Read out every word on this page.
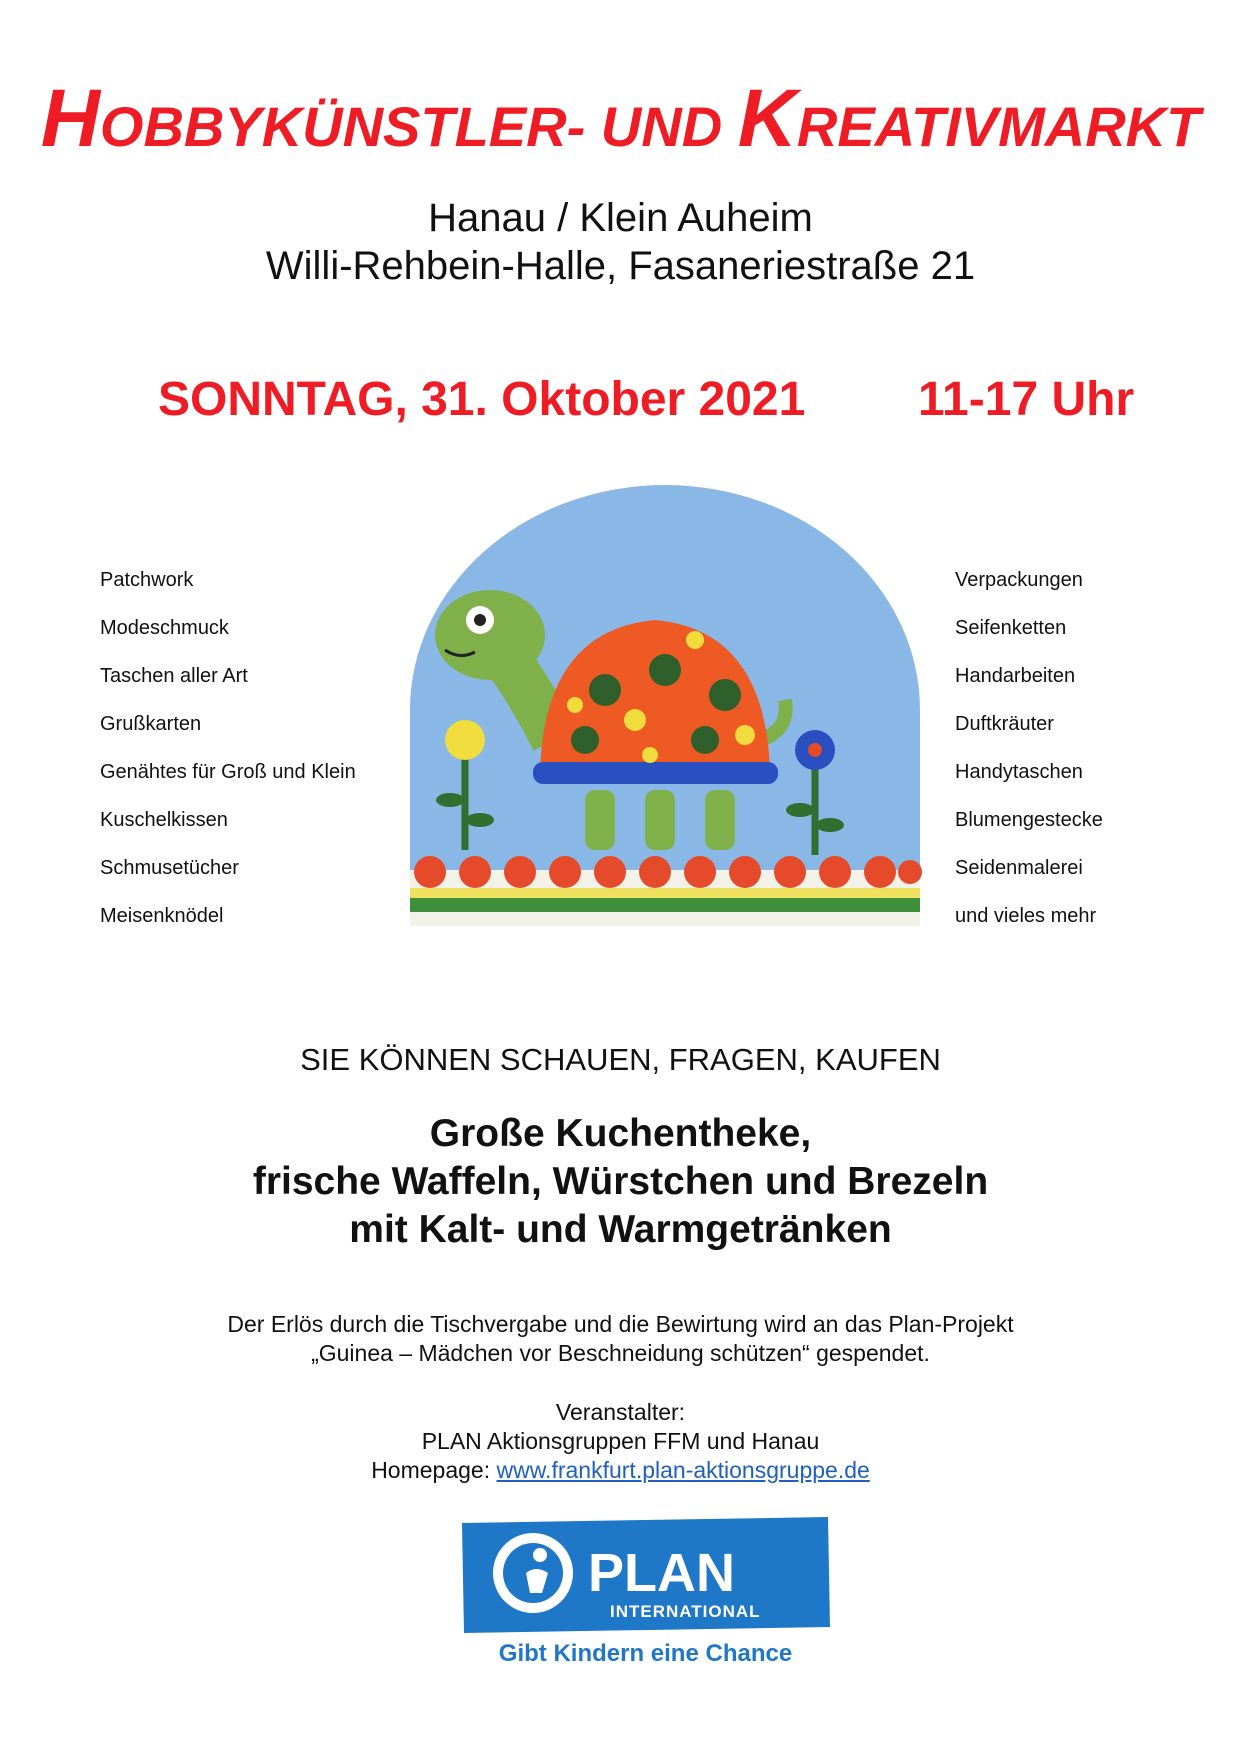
HOBBYKÜNSTLER- UND KREATIVMARKT
Hanau / Klein Auheim
Willi-Rehbein-Halle, Fasaneriestraße 21
SONNTAG, 31. Oktober 2021 11-17 Uhr
Patchwork
Modeschmuck
Taschen aller Art
Grußkarten
Genähtes für Groß und Klein
Kuschelkissen
Schmusetücher
Meisenknödel
Verpackungen
Seifenketten
Handarbeiten
Duftkräuter
Handytaschen
Blumengestecke
Seidenmalerei
und vieles mehr
SIE KÖNNEN SCHAUEN, FRAGEN, KAUFEN
Große Kuchentheke,
frische Waffeln, Würstchen und Brezeln
mit Kalt- und Warmgetränken
Der Erlös durch die Tischvergabe und die Bewirtung wird an das Plan-Projekt
„Guinea – Mädchen vor Beschneidung schützen“ gespendet.
Veranstalter:
PLAN Aktionsgruppen FFM und Hanau
Homepage: www.frankfurt.plan-aktionsgruppe.de
PLAN
INTERNATIONAL
Gibt Kindern eine Chance
